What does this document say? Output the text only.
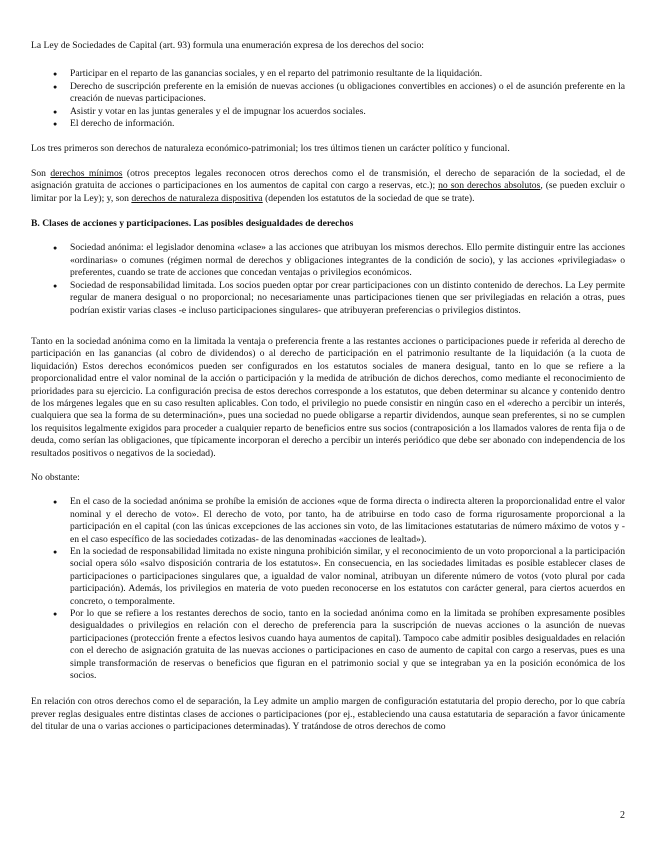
La Ley de Sociedades de Capital (art. 93) formula una enumeración expresa de los derechos del socio:

● Participar en el reparto de las ganancias sociales, y en el reparto del patrimonio resultante de la liquidación.
● Derecho de suscripción preferente en la emisión de nuevas acciones (u obligaciones convertibles en acciones) o el de asunción preferente en la creación de nuevas participaciones.
● Asistir y votar en las juntas generales y el de impugnar los acuerdos sociales.
● El derecho de información.

Los tres primeros son derechos de naturaleza económico-patrimonial; los tres últimos tienen un carácter político y funcional.

Son derechos mínimos (otros preceptos legales reconocen otros derechos como el de transmisión, el derecho de separación de la sociedad, el de asignación gratuita de acciones o participaciones en los aumentos de capital con cargo a reservas, etc.); no son derechos absolutos, (se pueden excluir o limitar por la Ley); y, son derechos de naturaleza dispositiva (dependen los estatutos de la sociedad de que se trate).

B. Clases de acciones y participaciones. Las posibles desigualdades de derechos

● Sociedad anónima: el legislador denomina «clase» a las acciones que atribuyan los mismos derechos. Ello permite distinguir entre las acciones «ordinarias» o comunes (régimen normal de derechos y obligaciones integrantes de la condición de socio), y las acciones «privilegiadas» o preferentes, cuando se trate de acciones que concedan ventajas o privilegios económicos.
● Sociedad de responsabilidad limitada. Los socios pueden optar por crear participaciones con un distinto contenido de derechos. La Ley permite regular de manera desigual o no proporcional; no necesariamente unas participaciones tienen que ser privilegiadas en relación a otras, pues podrían existir varias clases -e incluso participaciones singulares- que atribuyeran preferencias o privilegios distintos.

Tanto en la sociedad anónima como en la limitada la ventaja o preferencia frente a las restantes acciones o participaciones puede ir referida al derecho de participación en las ganancias (al cobro de dividendos) o al derecho de participación en el patrimonio resultante de la liquidación (a la cuota de liquidación) Estos derechos económicos pueden ser configurados en los estatutos sociales de manera desigual, tanto en lo que se refiere a la proporcionalidad entre el valor nominal de la acción o participación y la medida de atribución de dichos derechos, como mediante el reconocimiento de prioridades para su ejercicio. La configuración precisa de estos derechos corresponde a los estatutos, que deben determinar su alcance y contenido dentro de los márgenes legales que en su caso resulten aplicables. Con todo, el privilegio no puede consistir en ningún caso en el «derecho a percibir un interés, cualquiera que sea la forma de su determinación», pues una sociedad no puede obligarse a repartir dividendos, aunque sean preferentes, si no se cumplen los requisitos legalmente exigidos para proceder a cualquier reparto de beneficios entre sus socios (contraposición a los llamados valores de renta fija o de deuda, como serían las obligaciones, que típicamente incorporan el derecho a percibir un interés periódico que debe ser abonado con independencia de los resultados positivos o negativos de la sociedad).

No obstante:

● En el caso de la sociedad anónima se prohíbe la emisión de acciones «que de forma directa o indirecta alteren la proporcionalidad entre el valor nominal y el derecho de voto». El derecho de voto, por tanto, ha de atribuirse en todo caso de forma rigurosamente proporcional a la participación en el capital (con las únicas excepciones de las acciones sin voto, de las limitaciones estatutarias de número máximo de votos y -en el caso específico de las sociedades cotizadas- de las denominadas «acciones de lealtad»).
● En la sociedad de responsabilidad limitada no existe ninguna prohibición similar, y el reconocimiento de un voto proporcional a la participación social opera sólo «salvo disposición contraria de los estatutos». En consecuencia, en las sociedades limitadas es posible establecer clases de participaciones o participaciones singulares que, a igualdad de valor nominal, atribuyan un diferente número de votos (voto plural por cada participación). Además, los privilegios en materia de voto pueden reconocerse en los estatutos con carácter general, para ciertos acuerdos en concreto, o temporalmente.
● Por lo que se refiere a los restantes derechos de socio, tanto en la sociedad anónima como en la limitada se prohíben expresamente posibles desigualdades o privilegios en relación con el derecho de preferencia para la suscripción de nuevas acciones o la asunción de nuevas participaciones (protección frente a efectos lesivos cuando haya aumentos de capital). Tampoco cabe admitir posibles desigualdades en relación con el derecho de asignación gratuita de las nuevas acciones o participaciones en caso de aumento de capital con cargo a reservas, pues es una simple transformación de reservas o beneficios que figuran en el patrimonio social y que se integraban ya en la posición económica de los socios.

En relación con otros derechos como el de separación, la Ley admite un amplio margen de configuración estatutaria del propio derecho, por lo que cabría prever reglas desiguales entre distintas clases de acciones o participaciones (por ej., estableciendo una causa estatutaria de separación a favor únicamente del titular de una o varias acciones o participaciones determinadas). Y tratándose de otros derechos de como

2
